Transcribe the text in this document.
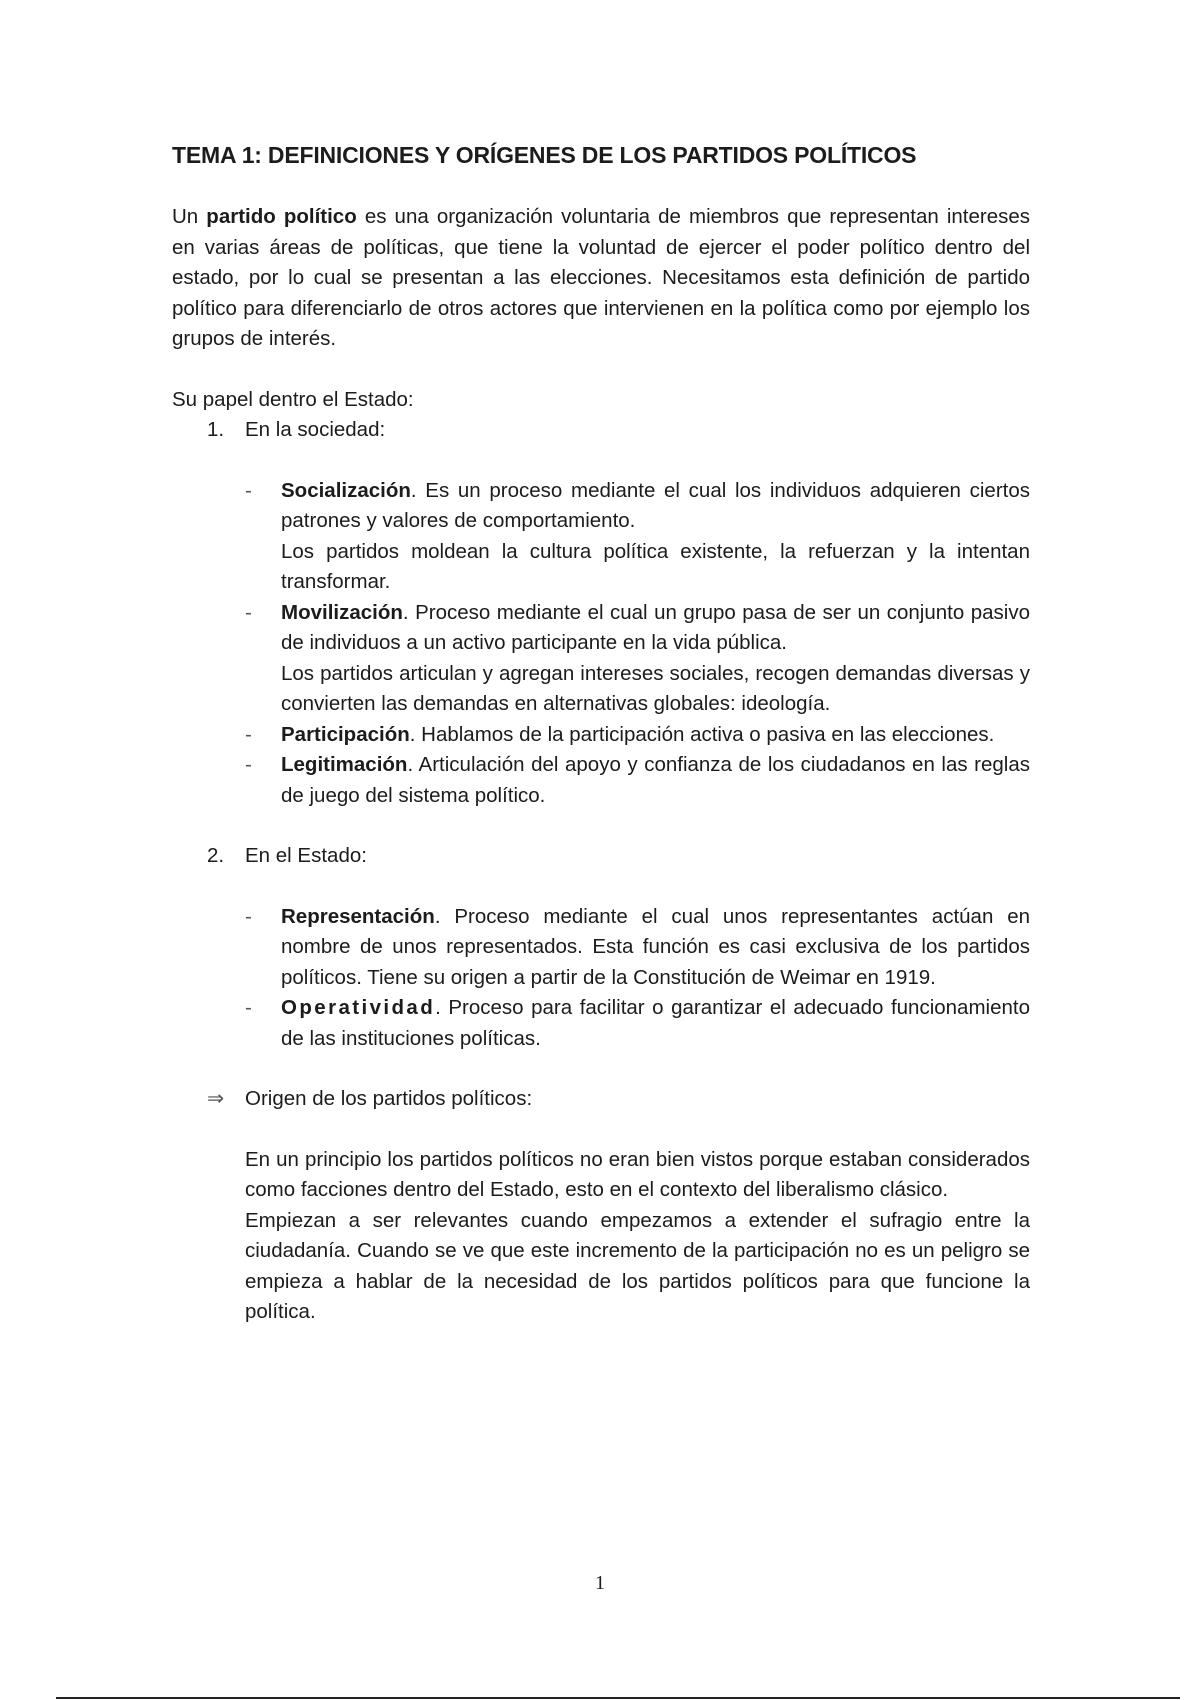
TEMA 1: DEFINICIONES Y ORÍGENES DE LOS PARTIDOS POLÍTICOS

Un partido político es una organización voluntaria de miembros que representan intereses en varias áreas de políticas, que tiene la voluntad de ejercer el poder político dentro del estado, por lo cual se presentan a las elecciones. Necesitamos esta definición de partido político para diferenciarlo de otros actores que intervienen en la política como por ejemplo los grupos de interés.

Su papel dentro el Estado:

1.	En la sociedad:
-	Socialización. Es un proceso mediante el cual los individuos adquieren ciertos patrones y valores de comportamiento.

Los partidos moldean la cultura política existente, la refuerzan y la intentan transformar.

-	Movilización. Proceso mediante el cual un grupo pasa de ser un conjunto pasivo de individuos a un activo participante en la vida pública.

Los partidos articulan y agregan intereses sociales, recogen demandas diversas y convierten las demandas en alternativas globales: ideología.

-	Participación. Hablamos de la participación activa o pasiva en las elecciones.

-	Legitimación. Articulación del apoyo y confianza de los ciudadanos en las reglas de juego del sistema político.

2.	En el Estado:
-	Representación. Proceso mediante el cual unos representantes actúan en nombre de unos representados. Esta función es casi exclusiva de los partidos políticos. Tiene su origen a partir de la Constitución de Weimar en 1919.

-	Operatividad. Proceso para facilitar o garantizar el adecuado funcionamiento de las instituciones políticas.

⇒	Origen de los partidos políticos:

En un principio los partidos políticos no eran bien vistos porque estaban considerados como facciones dentro del Estado, esto en el contexto del liberalismo clásico.

Empiezan a ser relevantes cuando empezamos a extender el sufragio entre la ciudadanía. Cuando se ve que este incremento de la participación no es un peligro se empieza a hablar de la necesidad de los partidos políticos para que funcione la política.

1
